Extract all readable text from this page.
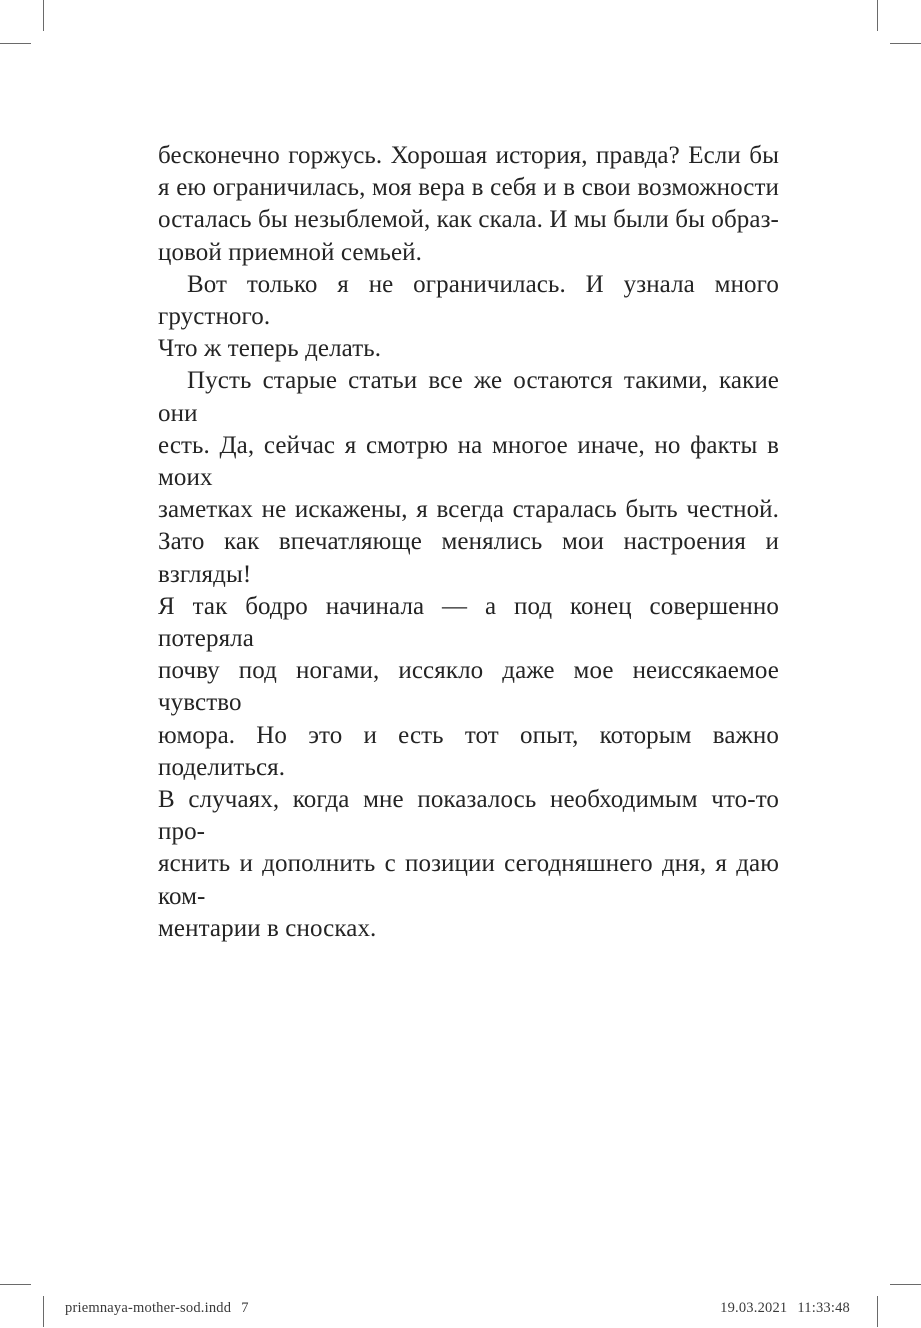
бесконечно горжусь. Хорошая история, правда? Если бы
я ею ограничилась, моя вера в себя и в свои возможности
осталась бы незыблемой, как скала. И мы были бы образ-
цовой приемной семьей.
Вот только я не ограничилась. И узнала много грустного.
Что ж теперь делать.
Пусть старые статьи все же остаются такими, какие они
есть. Да, сейчас я смотрю на многое иначе, но факты в моих
заметках не искажены, я всегда старалась быть честной.
Зато как впечатляюще менялись мои настроения и взгляды!
Я так бодро начинала — а под конец совершенно потеряла
почву под ногами, иссякло даже мое неиссякаемое чувство
юмора. Но это и есть тот опыт, которым важно поделиться.
В случаях, когда мне показалось необходимым что-то про-
яснить и дополнить с позиции сегодняшнего дня, я даю ком-
ментарии в сносках.
priemnaya-mother-sod.indd 7	19.03.2021 11:33:48
